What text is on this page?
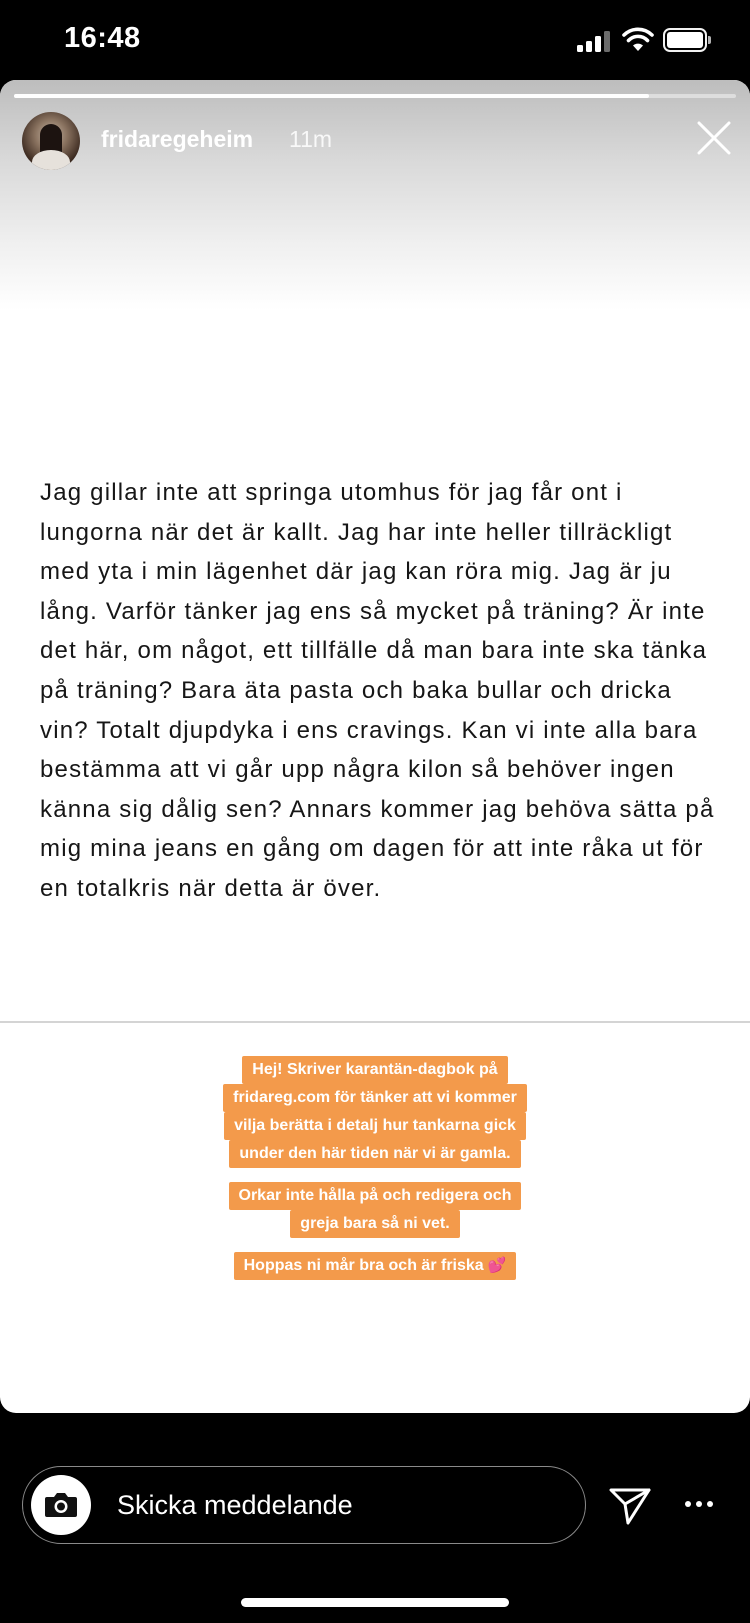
16:48
fridaregeheim 11m
Jag gillar inte att springa utomhus för jag får ont i lungorna när det är kallt. Jag har inte heller tillräckligt med yta i min lägenhet där jag kan röra mig. Jag är ju lång. Varför tänker jag ens så mycket på träning? Är inte det här, om något, ett tillfälle då man bara inte ska tänka på träning? Bara äta pasta och baka bullar och dricka vin? Totalt djupdyka i ens cravings. Kan vi inte alla bara bestämma att vi går upp några kilon så behöver ingen känna sig dålig sen? Annars kommer jag behöva sätta på mig mina jeans en gång om dagen för att inte råka ut för en totalkris när detta är över.
Hej! Skriver karantän-dagbok på
fridareg.com för tänker att vi kommer
vilja berätta i detalj hur tankarna gick
under den här tiden när vi är gamla.
Orkar inte hålla på och redigera och
greja bara så ni vet.
Hoppas ni mår bra och är friska 💕
Skicka meddelande
